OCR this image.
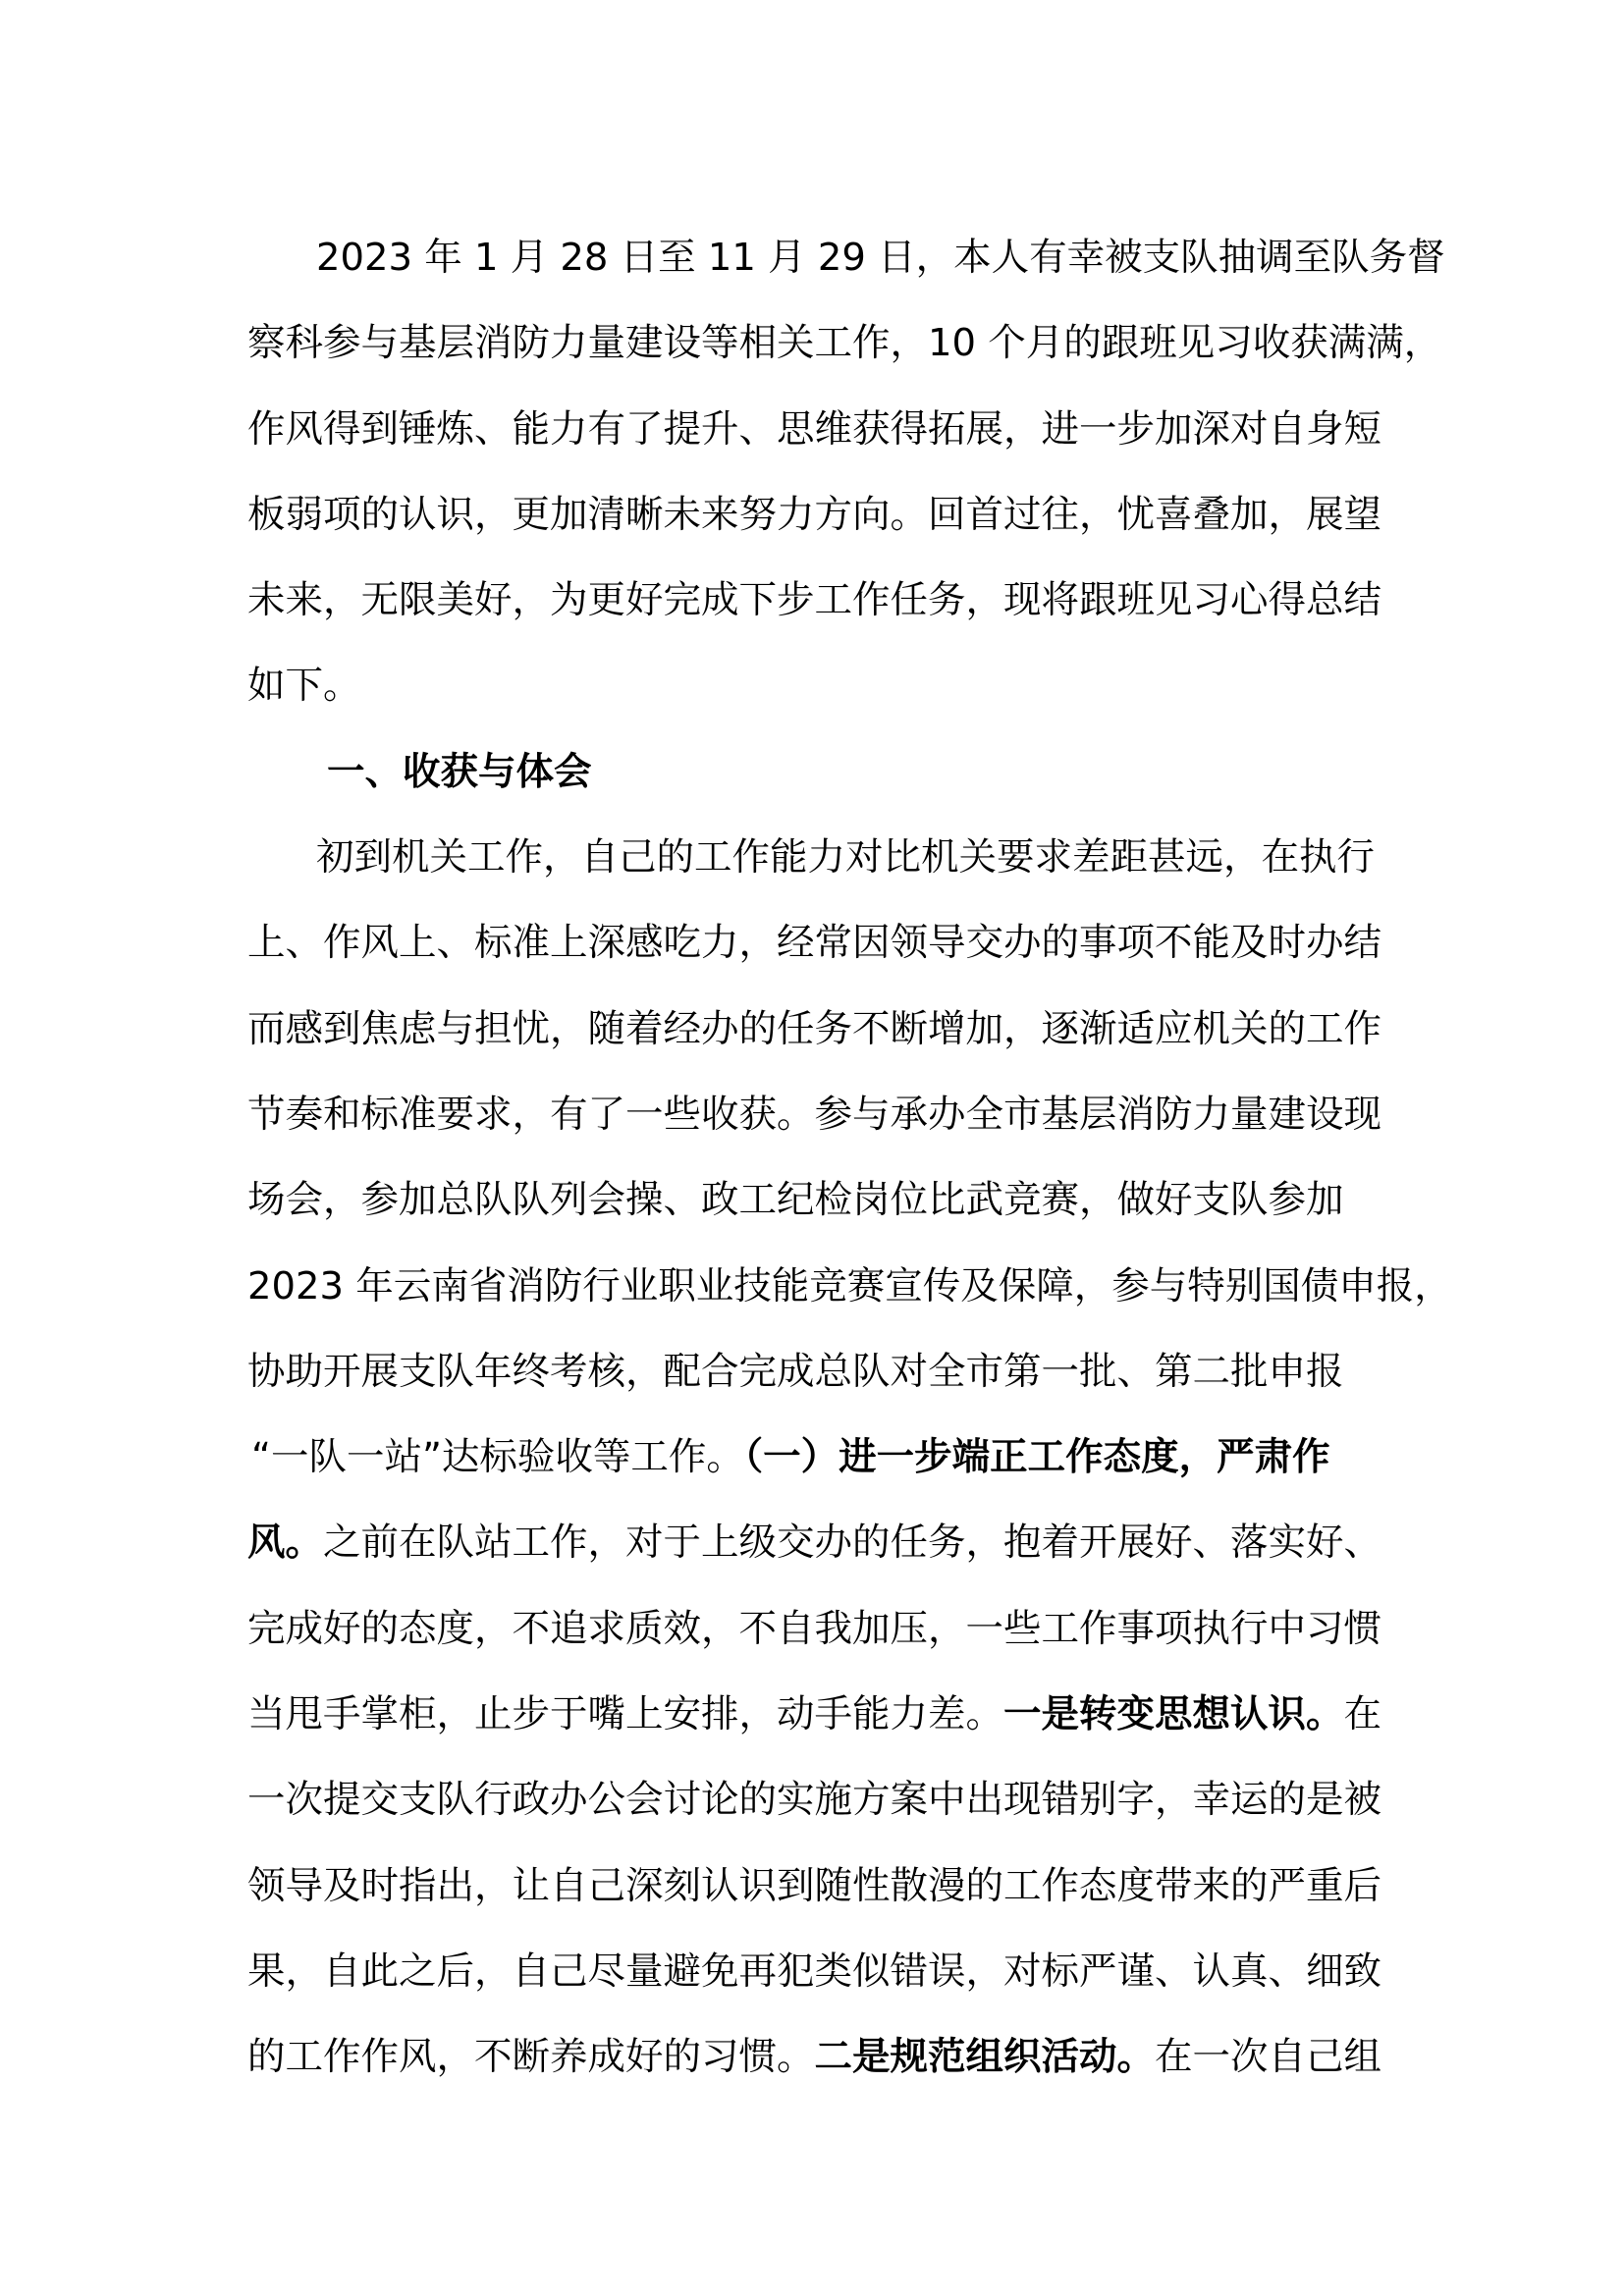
2023 年 1 月 28 日至 11 月 29 日，本人有幸被支队抽调至队务督
察科参与基层消防力量建设等相关工作，10 个月的跟班见习收获满满，
作风得到锤炼、能力有了提升、思维获得拓展，进一步加深对自身短
板弱项的认识，更加清晰未来努力方向。回首过往，忧喜叠加，展望
未来，无限美好，为更好完成下步工作任务，现将跟班见习心得总结
如下。
一、收获与体会
初到机关工作，自己的工作能力对比机关要求差距甚远，在执行
上、作风上、标准上深感吃力，经常因领导交办的事项不能及时办结
而感到焦虑与担忧，随着经办的任务不断增加，逐渐适应机关的工作
节奏和标准要求，有了一些收获。参与承办全市基层消防力量建设现
场会，参加总队队列会操、政工纪检岗位比武竞赛，做好支队参加
2023 年云南省消防行业职业技能竞赛宣传及保障，参与特别国债申报，
协助开展支队年终考核，配合完成总队对全市第一批、第二批申报
“一队一站”达标验收等工作。（一）进一步端正工作态度，严肃作
风。之前在队站工作，对于上级交办的任务，抱着开展好、落实好、
完成好的态度，不追求质效，不自我加压，一些工作事项执行中习惯
当甩手掌柜，止步于嘴上安排，动手能力差。一是转变思想认识。在
一次提交支队行政办公会讨论的实施方案中出现错别字，幸运的是被
领导及时指出，让自己深刻认识到随性散漫的工作态度带来的严重后
果，自此之后，自己尽量避免再犯类似错误，对标严谨、认真、细致
的工作作风，不断养成好的习惯。二是规范组织活动。在一次自己组
